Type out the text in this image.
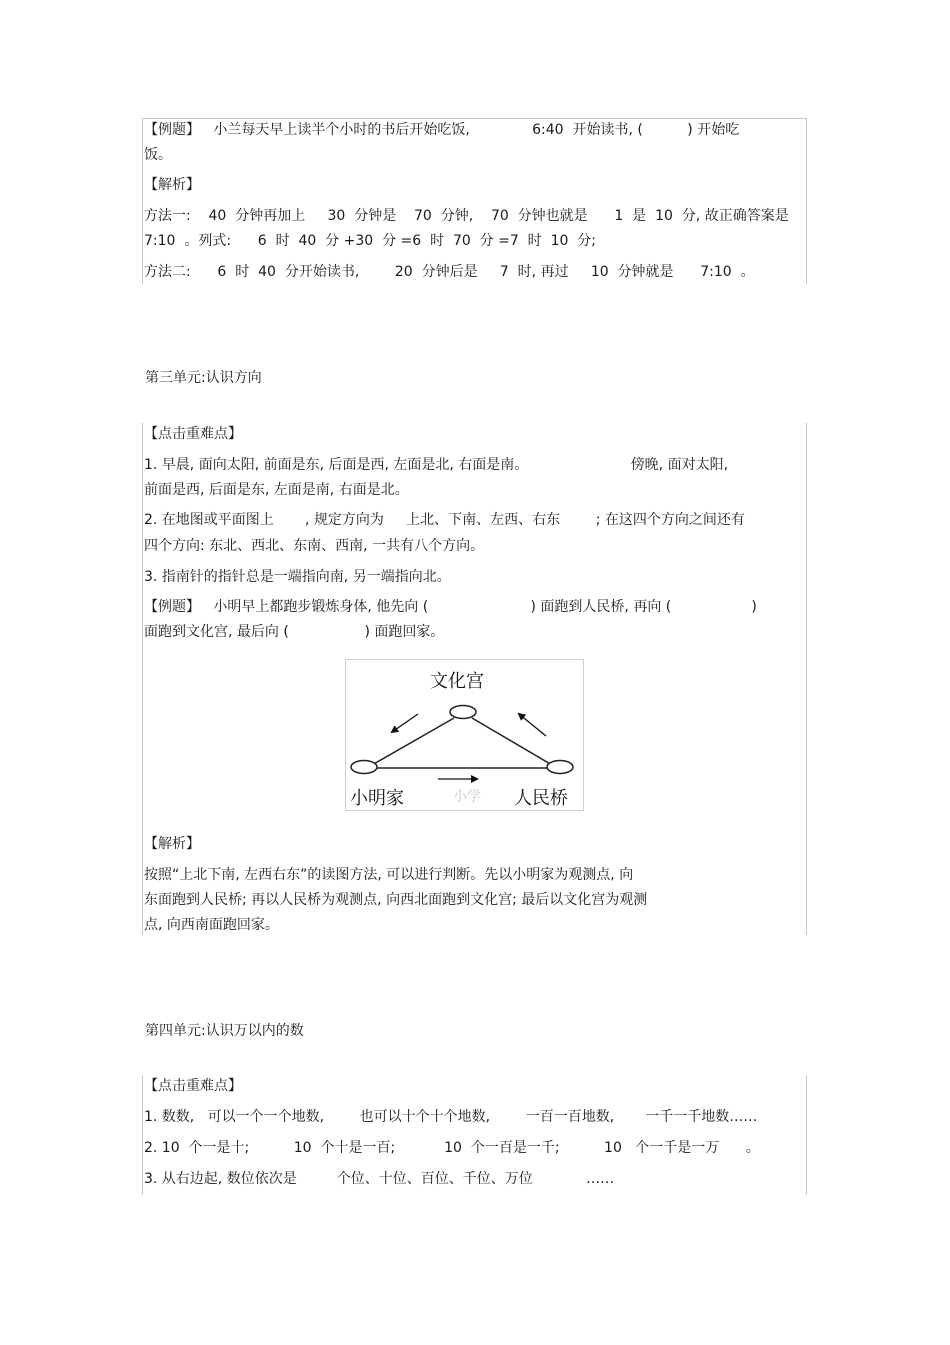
【例题】   小兰每天早上读半个小时的书后开始吃饭,              6:40  开始读书, (          ) 开始吃
饭。
【解析】
方法一:    40  分钟再加上     30  分钟是    70  分钟,    70  分钟也就是      1  是  10  分, 故正确答案是
7:10  。列式:      6  时  40  分 +30  分 =6  时  70  分 =7  时  10  分;
方法二:      6  时  40  分开始读书,        20  分钟后是     7  时, 再过     10  分钟就是      7:10  。
第三单元:认识方向
【点击重难点】
1. 早晨, 面向太阳, 前面是东, 后面是西, 左面是北, 右面是南。                       傍晚, 面对太阳,
前面是西, 后面是东, 左面是南, 右面是北。
2. 在地图或平面图上       , 规定方向为     上北、下南、左西、右东        ; 在这四个方向之间还有
四个方向: 东北、西北、东南、西南, 一共有八个方向。
3. 指南针的指针总是一端指向南, 另一端指向北。
【例题】   小明早上都跑步锻炼身体, 他先向 (                       ) 面跑到人民桥, 再向 (                  )
面跑到文化宫, 最后向 (                 ) 面跑回家。
文化宫
小学
小明家	人民桥
【解析】
按照“上北下南, 左西右东”的读图方法, 可以进行判断。先以小明家为观测点, 向
东面跑到人民桥; 再以人民桥为观测点, 向西北面跑到文化宫; 最后以文化宫为观测
点, 向西南面跑回家。
第四单元:认识万以内的数
【点击重难点】
1. 数数,   可以一个一个地数,        也可以十个十个地数,        一百一百地数,       一千一千地数……
2. 10  个一是十;          10  个十是一百;           10  个一百是一千;          10   个一千是一万      。
3. 从右边起, 数位依次是         个位、十位、百位、千位、万位            ……
